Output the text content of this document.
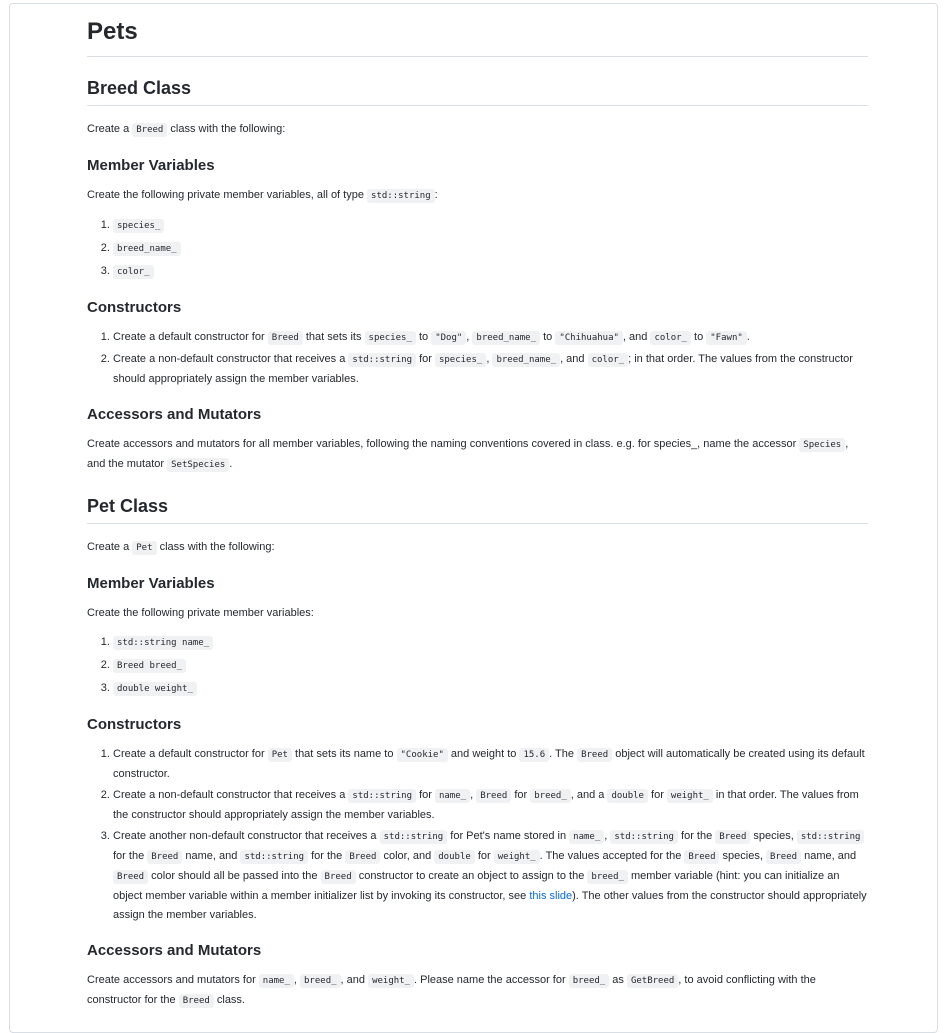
Pets
Breed Class

Create a Breed class with the following:

Member Variables

Create the following private member variables, all of type std::string :

1. species_
2. breed_name_
3. color_
Constructors
1. Create a default constructor for Breed that sets its species_ to "Dog" , breed_name_ to "Chihuahua" , and color_ to "Fawn" .
2. Create a non-default constructor that receives a std::string for species_ , breed_name_ , and color_ ; in that order. The values from the constructor should appropriately assign the member variables.
Accessors and Mutators

Create accessors and mutators for all member variables, following the naming conventions covered in class. e.g. for species_, name the accessor Species , and the mutator SetSpecies .

Pet Class

Create a Pet class with the following:

Member Variables

Create the following private member variables:

1. std::string name_
2. Breed breed_
3. double weight_
Constructors
1. Create a default constructor for Pet that sets its name to "Cookie" and weight to 15.6 . The Breed object will automatically be created using its default constructor.
2. Create a non-default constructor that receives a std::string for name_ , Breed for breed_ , and a double for weight_ in that order. The values from the constructor should appropriately assign the member variables.
3. Create another non-default constructor that receives a std::string for Pet's name stored in name_ , std::string for the Breed species, std::string for the Breed name, and std::string for the Breed color, and double for weight_ . The values accepted for the Breed species, Breed name, and Breed color should all be passed into the Breed constructor to create an object to assign to the breed_ member variable (hint: you can initialize an object member variable within a member initializer list by invoking its constructor, see this slide). The other values from the constructor should appropriately assign the member variables.
Accessors and Mutators

Create accessors and mutators for name_ , breed_ , and weight_ . Please name the accessor for breed_ as GetBreed , to avoid conflicting with the constructor for the Breed class.
